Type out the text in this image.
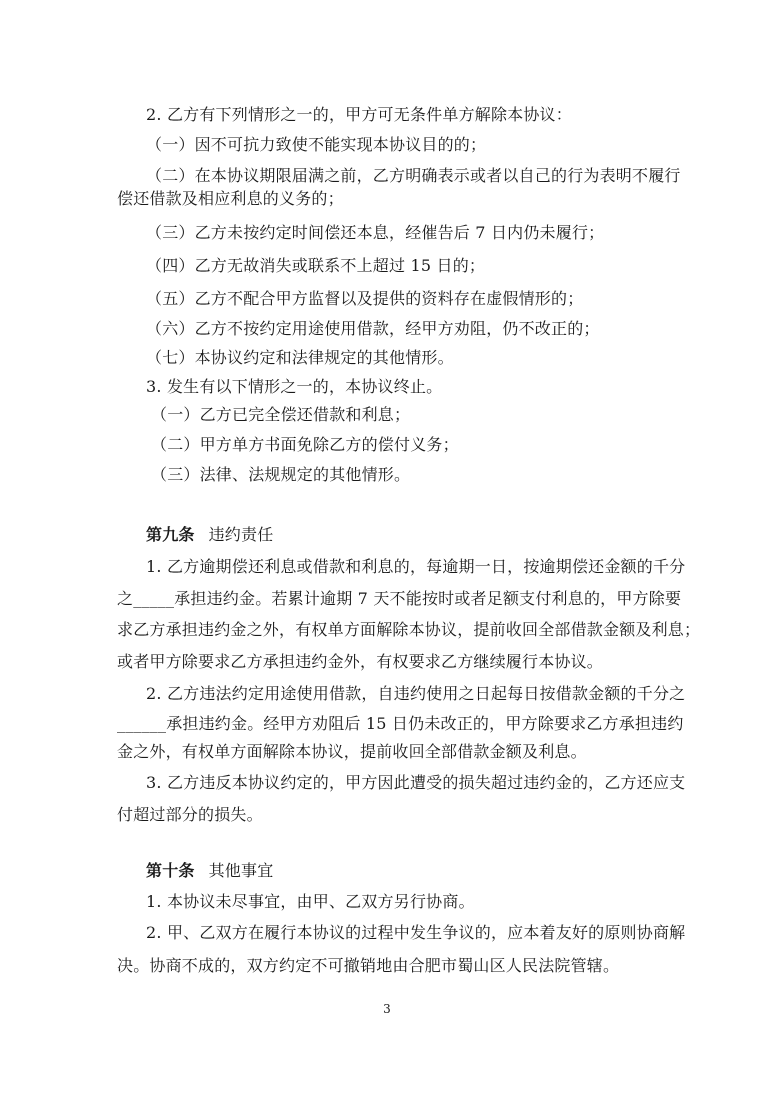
2. 乙方有下列情形之一的，甲方可无条件单方解除本协议：
（一）因不可抗力致使不能实现本协议目的的；
（二）在本协议期限届满之前，乙方明确表示或者以自己的行为表明不履行
偿还借款及相应利息的义务的；
（三）乙方未按约定时间偿还本息，经催告后 7 日内仍未履行；
（四）乙方无故消失或联系不上超过 15 日的；
（五）乙方不配合甲方监督以及提供的资料存在虚假情形的；
（六）乙方不按约定用途使用借款，经甲方劝阻，仍不改正的；
（七）本协议约定和法律规定的其他情形。
3. 发生有以下情形之一的，本协议终止。
（一）乙方已完全偿还借款和利息；
（二）甲方单方书面免除乙方的偿付义务；
（三）法律、法规规定的其他情形。
第九条 违约责任
1. 乙方逾期偿还利息或借款和利息的，每逾期一日，按逾期偿还金额的千分
之_____承担违约金。若累计逾期 7 天不能按时或者足额支付利息的，甲方除要
求乙方承担违约金之外，有权单方面解除本协议，提前收回全部借款金额及利息；
或者甲方除要求乙方承担违约金外，有权要求乙方继续履行本协议。
2. 乙方违法约定用途使用借款，自违约使用之日起每日按借款金额的千分之
______承担违约金。经甲方劝阻后 15 日仍未改正的，甲方除要求乙方承担违约
金之外，有权单方面解除本协议，提前收回全部借款金额及利息。
3. 乙方违反本协议约定的，甲方因此遭受的损失超过违约金的，乙方还应支
付超过部分的损失。
第十条 其他事宜
1. 本协议未尽事宜，由甲、乙双方另行协商。
2. 甲、乙双方在履行本协议的过程中发生争议的，应本着友好的原则协商解
决。协商不成的，双方约定不可撤销地由合肥市蜀山区人民法院管辖。
3
